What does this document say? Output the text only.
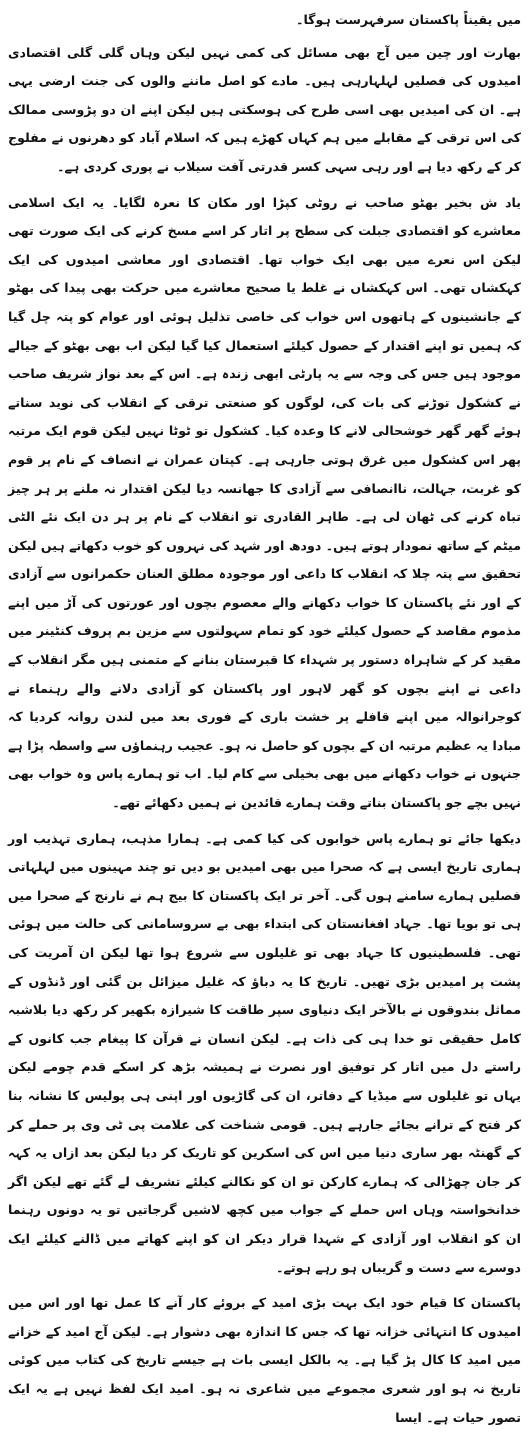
میں یقیناً پاکستان سرفہرست ہوگا۔

بھارت اور چین میں آج بھی مسائل کی کمی نہیں لیکن وہاں گلی گلی اقتصادی امیدوں کی فصلیں لہلہارہی ہیں۔ مادے کو اصل ماننے والوں کی جنت ارضی یہی ہے۔ ان کی امیدیں بھی اسی طرح کی ہوسکتی ہیں لیکن اپنے ان دو پڑوسی ممالک کی اس ترقی کے مقابلے میں ہم کہاں کھڑے ہیں کہ اسلام آباد کو دھرنوں نے مفلوج کر کے رکھ دیا ہے اور رہی سہی کسر قدرتی آفت سیلاب نے پوری کردی ہے۔

یاد ش بخیر بھٹو صاحب نے روٹی کپڑا اور مکان کا نعرہ لگایا۔ یہ ایک اسلامی معاشرے کو اقتصادی جبلت کی سطح پر اتار کر اسے مسخ کرنے کی ایک صورت تھی لیکن اس نعرے میں بھی ایک خواب تھا۔ اقتصادی اور معاشی امیدوں کی ایک کہکشاں تھی۔ اس کہکشاں نے غلط یا صحیح معاشرے میں حرکت بھی پیدا کی بھٹو کے جانشینوں کے ہاتھوں اس خواب کی خاصی تذلیل ہوئی اور عوام کو پتہ چل گیا کہ ہمیں تو اپنے اقتدار کے حصول کیلئے استعمال کیا گیا لیکن اب بھی بھٹو کے جیالے موجود ہیں جس کی وجہ سے یہ پارٹی ابھی زندہ ہے۔ اس کے بعد نواز شریف صاحب نے کشکول توڑنے کی بات کی، لوگوں کو صنعتی ترقی کے انقلاب کی نوید سناتے ہوئے گھر گھر خوشحالی لانے کا وعدہ کیا۔ کشکول تو ٹوٹا نہیں لیکن قوم ایک مرتبہ پھر اس کشکول میں غرق ہوتی جارہی ہے۔ کپتان عمران نے انصاف کے نام پر قوم کو غربت، جہالت، ناانصافی سے آزادی کا جھانسہ دیا لیکن اقتدار نہ ملنے پر ہر چیز تباہ کرنے کی ٹھان لی ہے۔ طاہر القادری تو انقلاب کے نام پر ہر دن ایک نئے الٹی میٹم کے ساتھ نمودار ہوتے ہیں۔ دودھ اور شہد کی نہروں کو خوب دکھاتے ہیں لیکن تحقیق سے پتہ چلا کہ انقلاب کا داعی اور موجودہ مطلق العنان حکمرانوں سے آزادی کے اور نئے پاکستان کا خواب دکھانے والے معصوم بچوں اور عورتوں کی آڑ میں اپنے مذموم مقاصد کے حصول کیلئے خود کو تمام سہولتوں سے مزین بم پروف کنٹینر میں مقید کر کے شاہراہ دستور پر شہداء کا قبرستان بنانے کے متمنی ہیں مگر انقلاب کے داعی نے اپنے بچوں کو گھر لاہور اور پاکستان کو آزادی دلانے والے رہنماء نے کوجرانوالہ میں اپنے قافلے پر خشت باری کے فوری بعد میں لندن روانہ کردیا کہ مبادا یہ عظیم مرتبہ ان کے بچوں کو حاصل نہ ہو۔ عجیب رہنماؤں سے واسطہ پڑا ہے جنہوں نے خواب دکھانے میں بھی بخیلی سے کام لیا۔ اب تو ہمارے پاس وہ خواب بھی نہیں بچے جو پاکستان بناتے وقت ہمارے قائدین نے ہمیں دکھائے تھے۔

دیکھا جائے تو ہمارے پاس خوابوں کی کیا کمی ہے۔ ہمارا مذہب، ہماری تہذیب اور ہماری تاریخ ایسی ہے کہ صحرا میں بھی امیدیں بو دیں تو چند مہینوں میں لہلہاتی فصلیں ہمارے سامنے ہوں گی۔ آخر تر ایک پاکستان کا بیج ہم نے نارنج کے صحرا میں ہی تو بویا تھا۔ جہاد افغانستان کی ابتداء بھی بے سروسامانی کی حالت میں ہوئی تھی۔ فلسطینیوں کا جہاد بھی تو غلیلوں سے شروع ہوا تھا لیکن ان آمریت کی پشت پر امیدیں بڑی تھیں۔ تاریخ کا یہ دباؤ کہ غلیل میزائل بن گئی اور ڈنڈوں کے مماثل بندوقوں نے بالآخر ایک دنیاوی سپر طاقت کا شیرازہ بکھیر کر رکھ دیا بلاشبہ کامل حقیقی تو خدا ہی کی ذات ہے۔ لیکن انسان نے قرآن کا پیغام جب کانوں کے راستے دل میں اتار کر توفیق اور نصرت نے ہمیشہ بڑھ کر اسکے قدم چومے لیکن یہاں تو غلیلوں سے میڈیا کے دفاتر، ان کی گاڑیوں اور اپنی ہی پولیس کا نشانہ بنا کر فتح کے ترانے بجائے جارہے ہیں۔ قومی شناخت کی علامت پی ٹی وی پر حملے کر کے گھنٹہ بھر ساری دنیا میں اس کی اسکرین کو تاریک کر دیا لیکن بعد ازاں یہ کہہ کر جان چھڑالی کہ ہمارے کارکن تو ان کو نکالنے کیلئے تشریف لے گئے تھے لیکن اگر خدانخواستہ وہاں اس حملے کے جواب میں کچھ لاشیں گرجاتیں تو یہ دونوں رہنما ان کو انقلاب اور آزادی کے شہدا قرار دیکر ان کو اپنے کھاتے میں ڈالنے کیلئے ایک دوسرے سے دست و گریباں ہو رہے ہوتے۔

پاکستان کا قیام خود ایک بہت بڑی امید کے بروئے کار آنے کا عمل تھا اور اس میں امیدوں کا انتہائی خزانہ تھا کہ جس کا اندازہ بھی دشوار ہے۔ لیکن آج امید کے خزانے میں امید کا کال پڑ گیا ہے۔ یہ بالکل ایسی بات ہے جیسے تاریخ کی کتاب میں کوئی تاریخ نہ ہو اور شعری مجموعے میں شاعری نہ ہو۔ امید ایک لفظ نہیں ہے یہ ایک تصور حیات ہے۔ ایسا
